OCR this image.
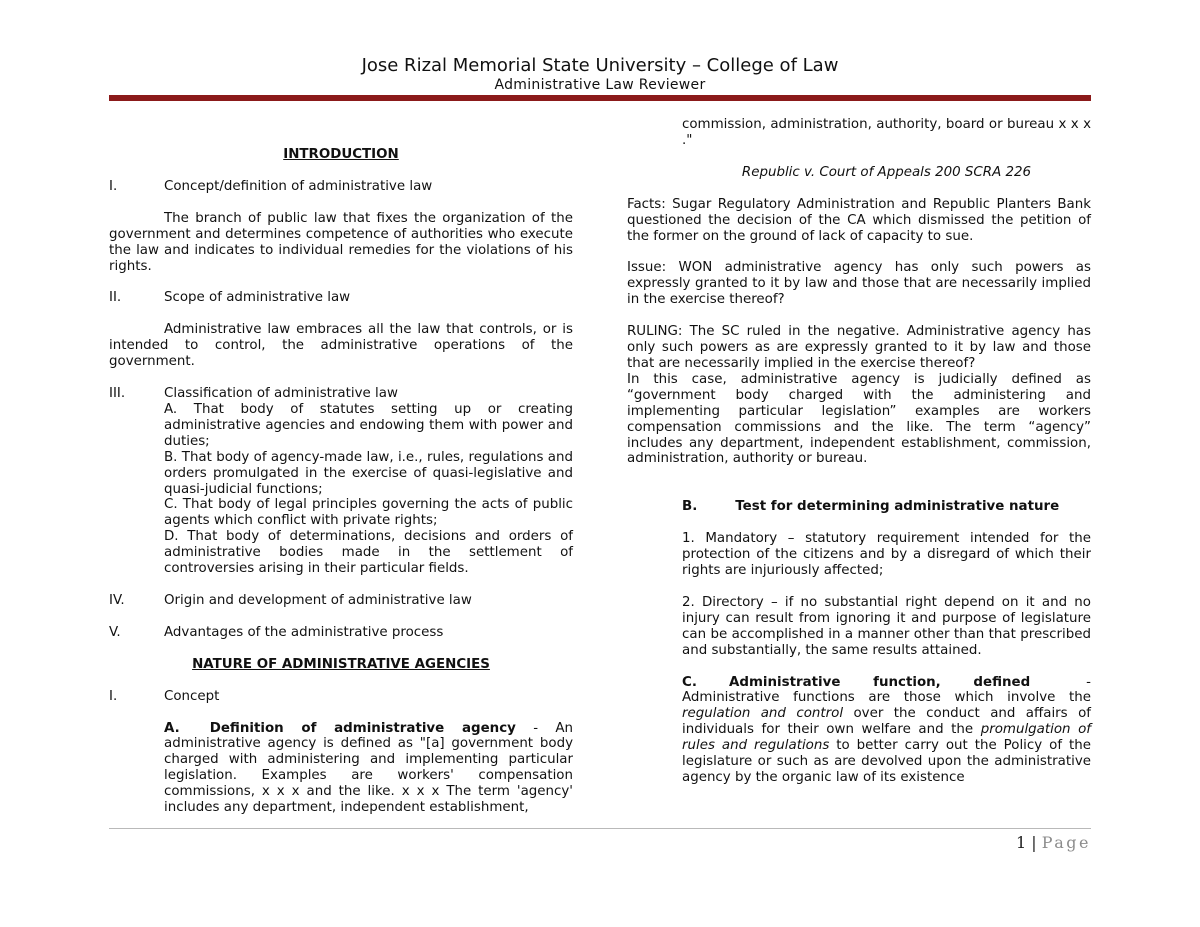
Jose Rizal Memorial State University – College of Law
Administrative Law Reviewer
INTRODUCTION
I.	Concept/definition of administrative law
The branch of public law that fixes the organization of the government and determines competence of authorities who execute the law and indicates to individual remedies for the violations of his rights.
II.	Scope of administrative law
Administrative law embraces all the law that controls, or is intended to control, the administrative operations of the government.
III.	Classification of administrative law
A. That body of statutes setting up or creating administrative agencies and endowing them with power and duties;
B. That body of agency-made law, i.e., rules, regulations and orders promulgated in the exercise of quasi-legislative and quasi-judicial functions;
C. That body of legal principles governing the acts of public agents which conflict with private rights;
D. That body of determinations, decisions and orders of administrative bodies made in the settlement of controversies arising in their particular fields.
IV.	Origin and development of administrative law
V.	Advantages of the administrative process
NATURE OF ADMINISTRATIVE AGENCIES
I.	Concept
A. Definition of administrative agency - An administrative agency is defined as "[a] government body charged with administering and implementing particular legislation. Examples are workers' compensation commissions, x x x and the like. x x x The term 'agency' includes any department, independent establishment,
commission, administration, authority, board or bureau x x x ."
Republic v. Court of Appeals 200 SCRA 226
Facts: Sugar Regulatory Administration and Republic Planters Bank questioned the decision of the CA which dismissed the petition of the former on the ground of lack of capacity to sue.
Issue: WON administrative agency has only such powers as expressly granted to it by law and those that are necessarily implied in the exercise thereof?
RULING: The SC ruled in the negative. Administrative agency has only such powers as are expressly granted to it by law and those that are necessarily implied in the exercise thereof?
In this case, administrative agency is judicially defined as “government body charged with the administering and implementing particular legislation” examples are workers compensation commissions and the like. The term “agency” includes any department, independent establishment, commission, administration, authority or bureau.
B.	Test for determining administrative nature
1. Mandatory – statutory requirement intended for the protection of the citizens and by a disregard of which their rights are injuriously affected;
2. Directory – if no substantial right depend on it and no injury can result from ignoring it and purpose of legislature can be accomplished in a manner other than that prescribed and substantially, the same results attained.
C. Administrative function, defined	-
Administrative functions are those which involve the regulation and control over the conduct and affairs of individuals for their own welfare and the promulgation of rules and regulations to better carry out the Policy of the legislature or such as are devolved upon the administrative agency by the organic law of its existence
1 | Page
